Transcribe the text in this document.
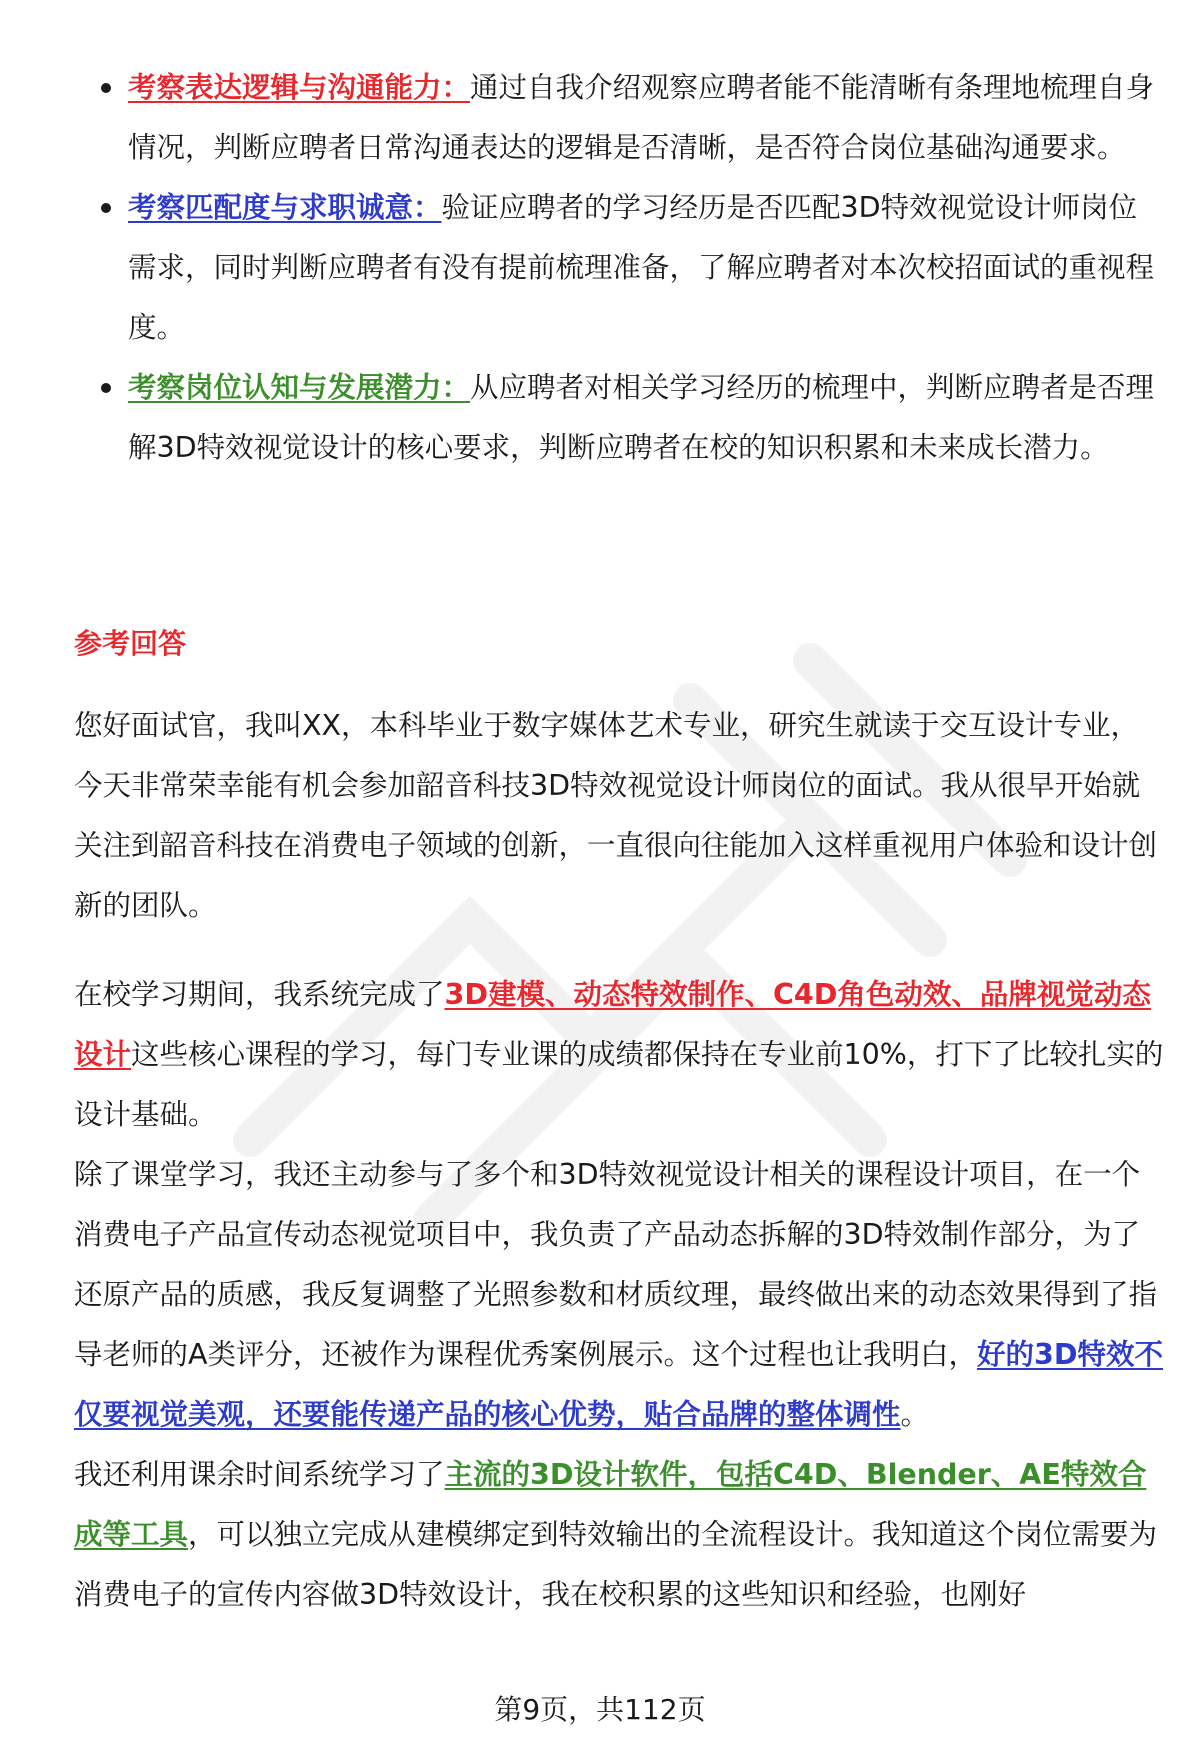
考察表达逻辑与沟通能力：通过自我介绍观察应聘者能不能清晰有条理地梳理自身情况，判断应聘者日常沟通表达的逻辑是否清晰，是否符合岗位基础沟通要求。
考察匹配度与求职诚意：验证应聘者的学习经历是否匹配3D特效视觉设计师岗位需求，同时判断应聘者有没有提前梳理准备，了解应聘者对本次校招面试的重视程度。
考察岗位认知与发展潜力：从应聘者对相关学习经历的梳理中，判断应聘者是否理解3D特效视觉设计的核心要求，判断应聘者在校的知识积累和未来成长潜力。
参考回答

您好面试官，我叫XX，本科毕业于数字媒体艺术专业，研究生就读于交互设计专业，今天非常荣幸能有机会参加韶音科技3D特效视觉设计师岗位的面试。我从很早开始就关注到韶音科技在消费电子领域的创新，一直很向往能加入这样重视用户体验和设计创新的团队。

在校学习期间，我系统完成了3D建模、动态特效制作、C4D角色动效、品牌视觉动态设计这些核心课程的学习，每门专业课的成绩都保持在专业前10%，打下了比较扎实的设计基础。
除了课堂学习，我还主动参与了多个和3D特效视觉设计相关的课程设计项目，在一个消费电子产品宣传动态视觉项目中，我负责了产品动态拆解的3D特效制作部分，为了还原产品的质感，我反复调整了光照参数和材质纹理，最终做出来的动态效果得到了指导老师的A类评分，还被作为课程优秀案例展示。这个过程也让我明白，好的3D特效不仅要视觉美观，还要能传递产品的核心优势，贴合品牌的整体调性。
我还利用课余时间系统学习了主流的3D设计软件，包括C4D、Blender、AE特效合成等工具，可以独立完成从建模绑定到特效输出的全流程设计。我知道这个岗位需要为消费电子的宣传内容做3D特效设计，我在校积累的这些知识和经验，也刚好

第9页，共112页
